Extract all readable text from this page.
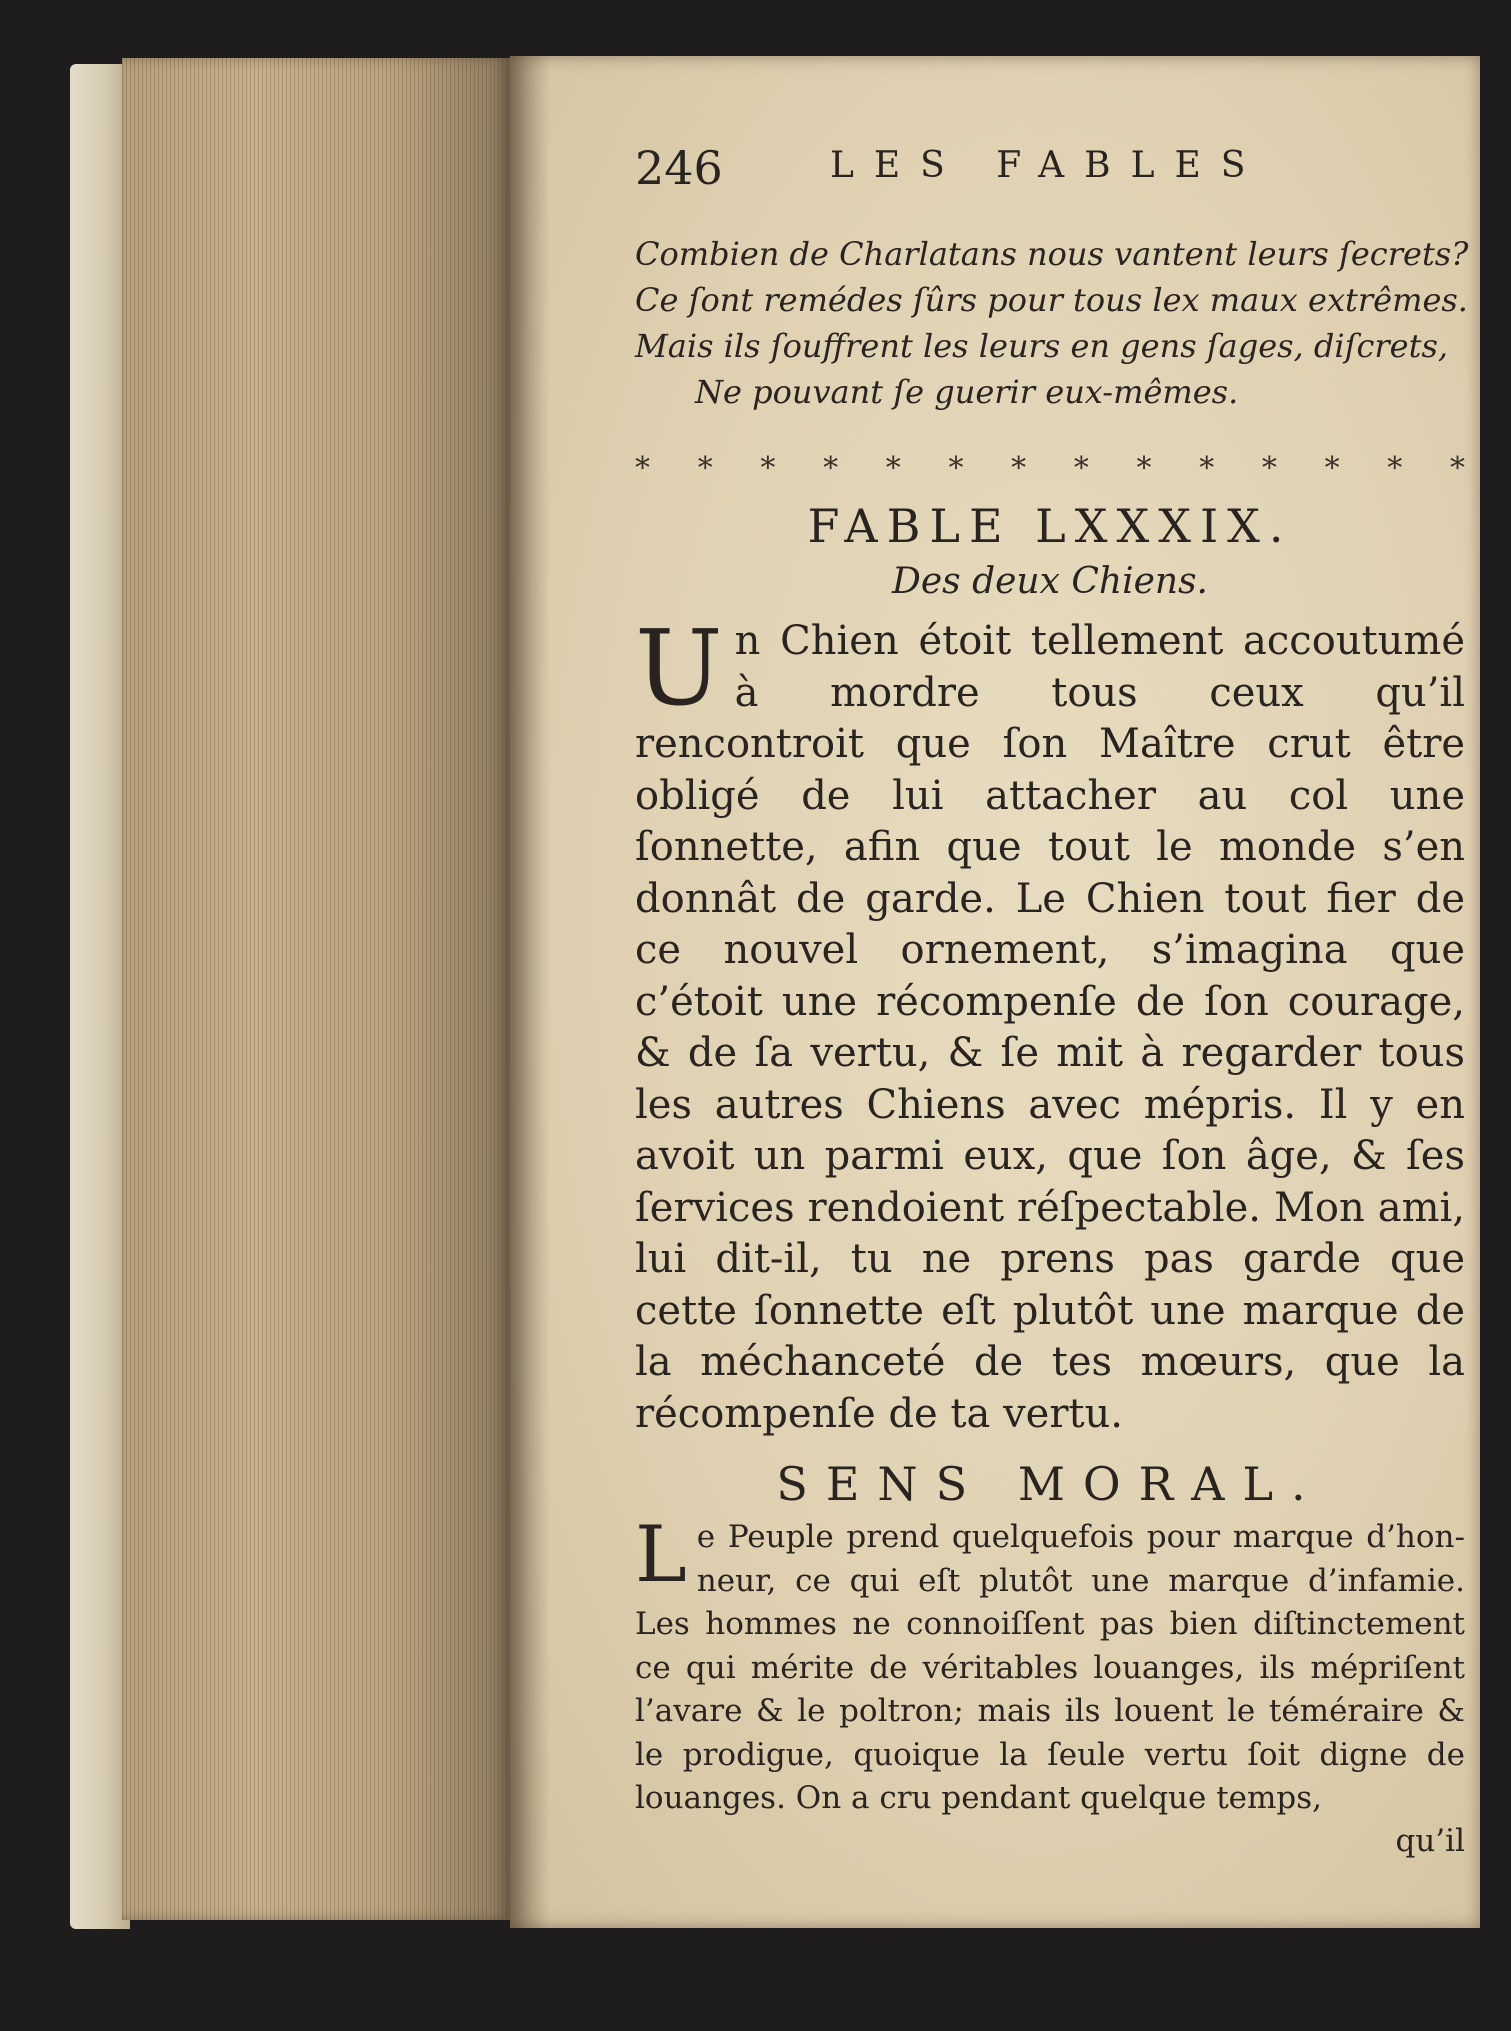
246	LES FABLES
Combien de Charlatans nous vantent leurs ſecrets?
Ce ſont remédes ſûrs pour tous lex maux extrêmes.
Mais ils ſouffrent les leurs en gens ſages, diſcrets,
Ne pouvant ſe guerir eux-mêmes.
* * * * * * * * * * * * * *
FABLE LXXXIX.
Des deux Chiens.
U n Chien étoit tellement accoutumé à mordre tous ceux qu’il rencontroit que ſon Maître crut être obligé de lui attacher au col une ſonnette, afin que tout le monde s’en donnât de garde. Le Chien tout fier de ce nouvel ornement, s’imagina que c’étoit une récompenſe de ſon courage, & de ſa vertu, & ſe mit à regarder tous les autres Chiens avec mépris. Il y en avoit un parmi eux, que ſon âge, & ſes ſervices rendoient réſpectable. Mon ami, lui dit-il, tu ne prens pas garde que cette ſonnette eſt plutôt une marque de la méchanceté de tes mœurs, que la récompenſe de ta vertu.
SENS MORAL.
L e Peuple prend quelquefois pour marque d’honneur, ce qui eſt plutôt une marque d’infamie. Les hommes ne connoiſſent pas bien diſtinctement ce qui mérite de véritables louanges, ils mépriſent l’avare & le poltron; mais ils louent le téméraire & le prodigue, quoique la ſeule vertu ſoit digne de louanges. On a cru pendant quelque temps,
qu’il
